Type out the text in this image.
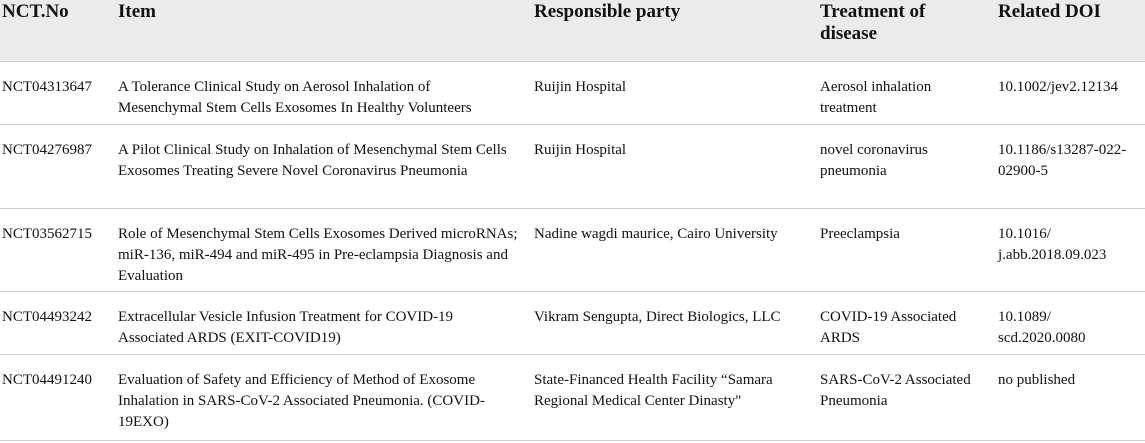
NCT.No	Item	Responsible party	Treatment of disease	Related DOI
NCT04313647	A Tolerance Clinical Study on Aerosol Inhalation of Mesenchymal Stem Cells Exosomes In Healthy Volunteers	Ruijin Hospital	Aerosol inhalation treatment	10.1002/jev2.12134
NCT04276987	A Pilot Clinical Study on Inhalation of Mesenchymal Stem Cells Exosomes Treating Severe Novel Coronavirus Pneumonia	Ruijin Hospital	novel coronavirus pneumonia	10.1186/s13287-022-02900-5
NCT03562715	Role of Mesenchymal Stem Cells Exosomes Derived microRNAs; miR-136, miR-494 and miR-495 in Pre-eclampsia Diagnosis and Evaluation	Nadine wagdi maurice, Cairo University	Preeclampsia	10.1016/ j.abb.2018.09.023
NCT04493242	Extracellular Vesicle Infusion Treatment for COVID-19 Associated ARDS (EXIT-COVID19)	Vikram Sengupta, Direct Biologics, LLC	COVID-19 Associated ARDS	10.1089/ scd.2020.0080
NCT04491240	Evaluation of Safety and Efficiency of Method of Exosome Inhalation in SARS-CoV-2 Associated Pneumonia. (COVID-19EXO)	State-Financed Health Facility “Samara Regional Medical Center Dinasty"	SARS-CoV-2 Associated Pneumonia	no published
